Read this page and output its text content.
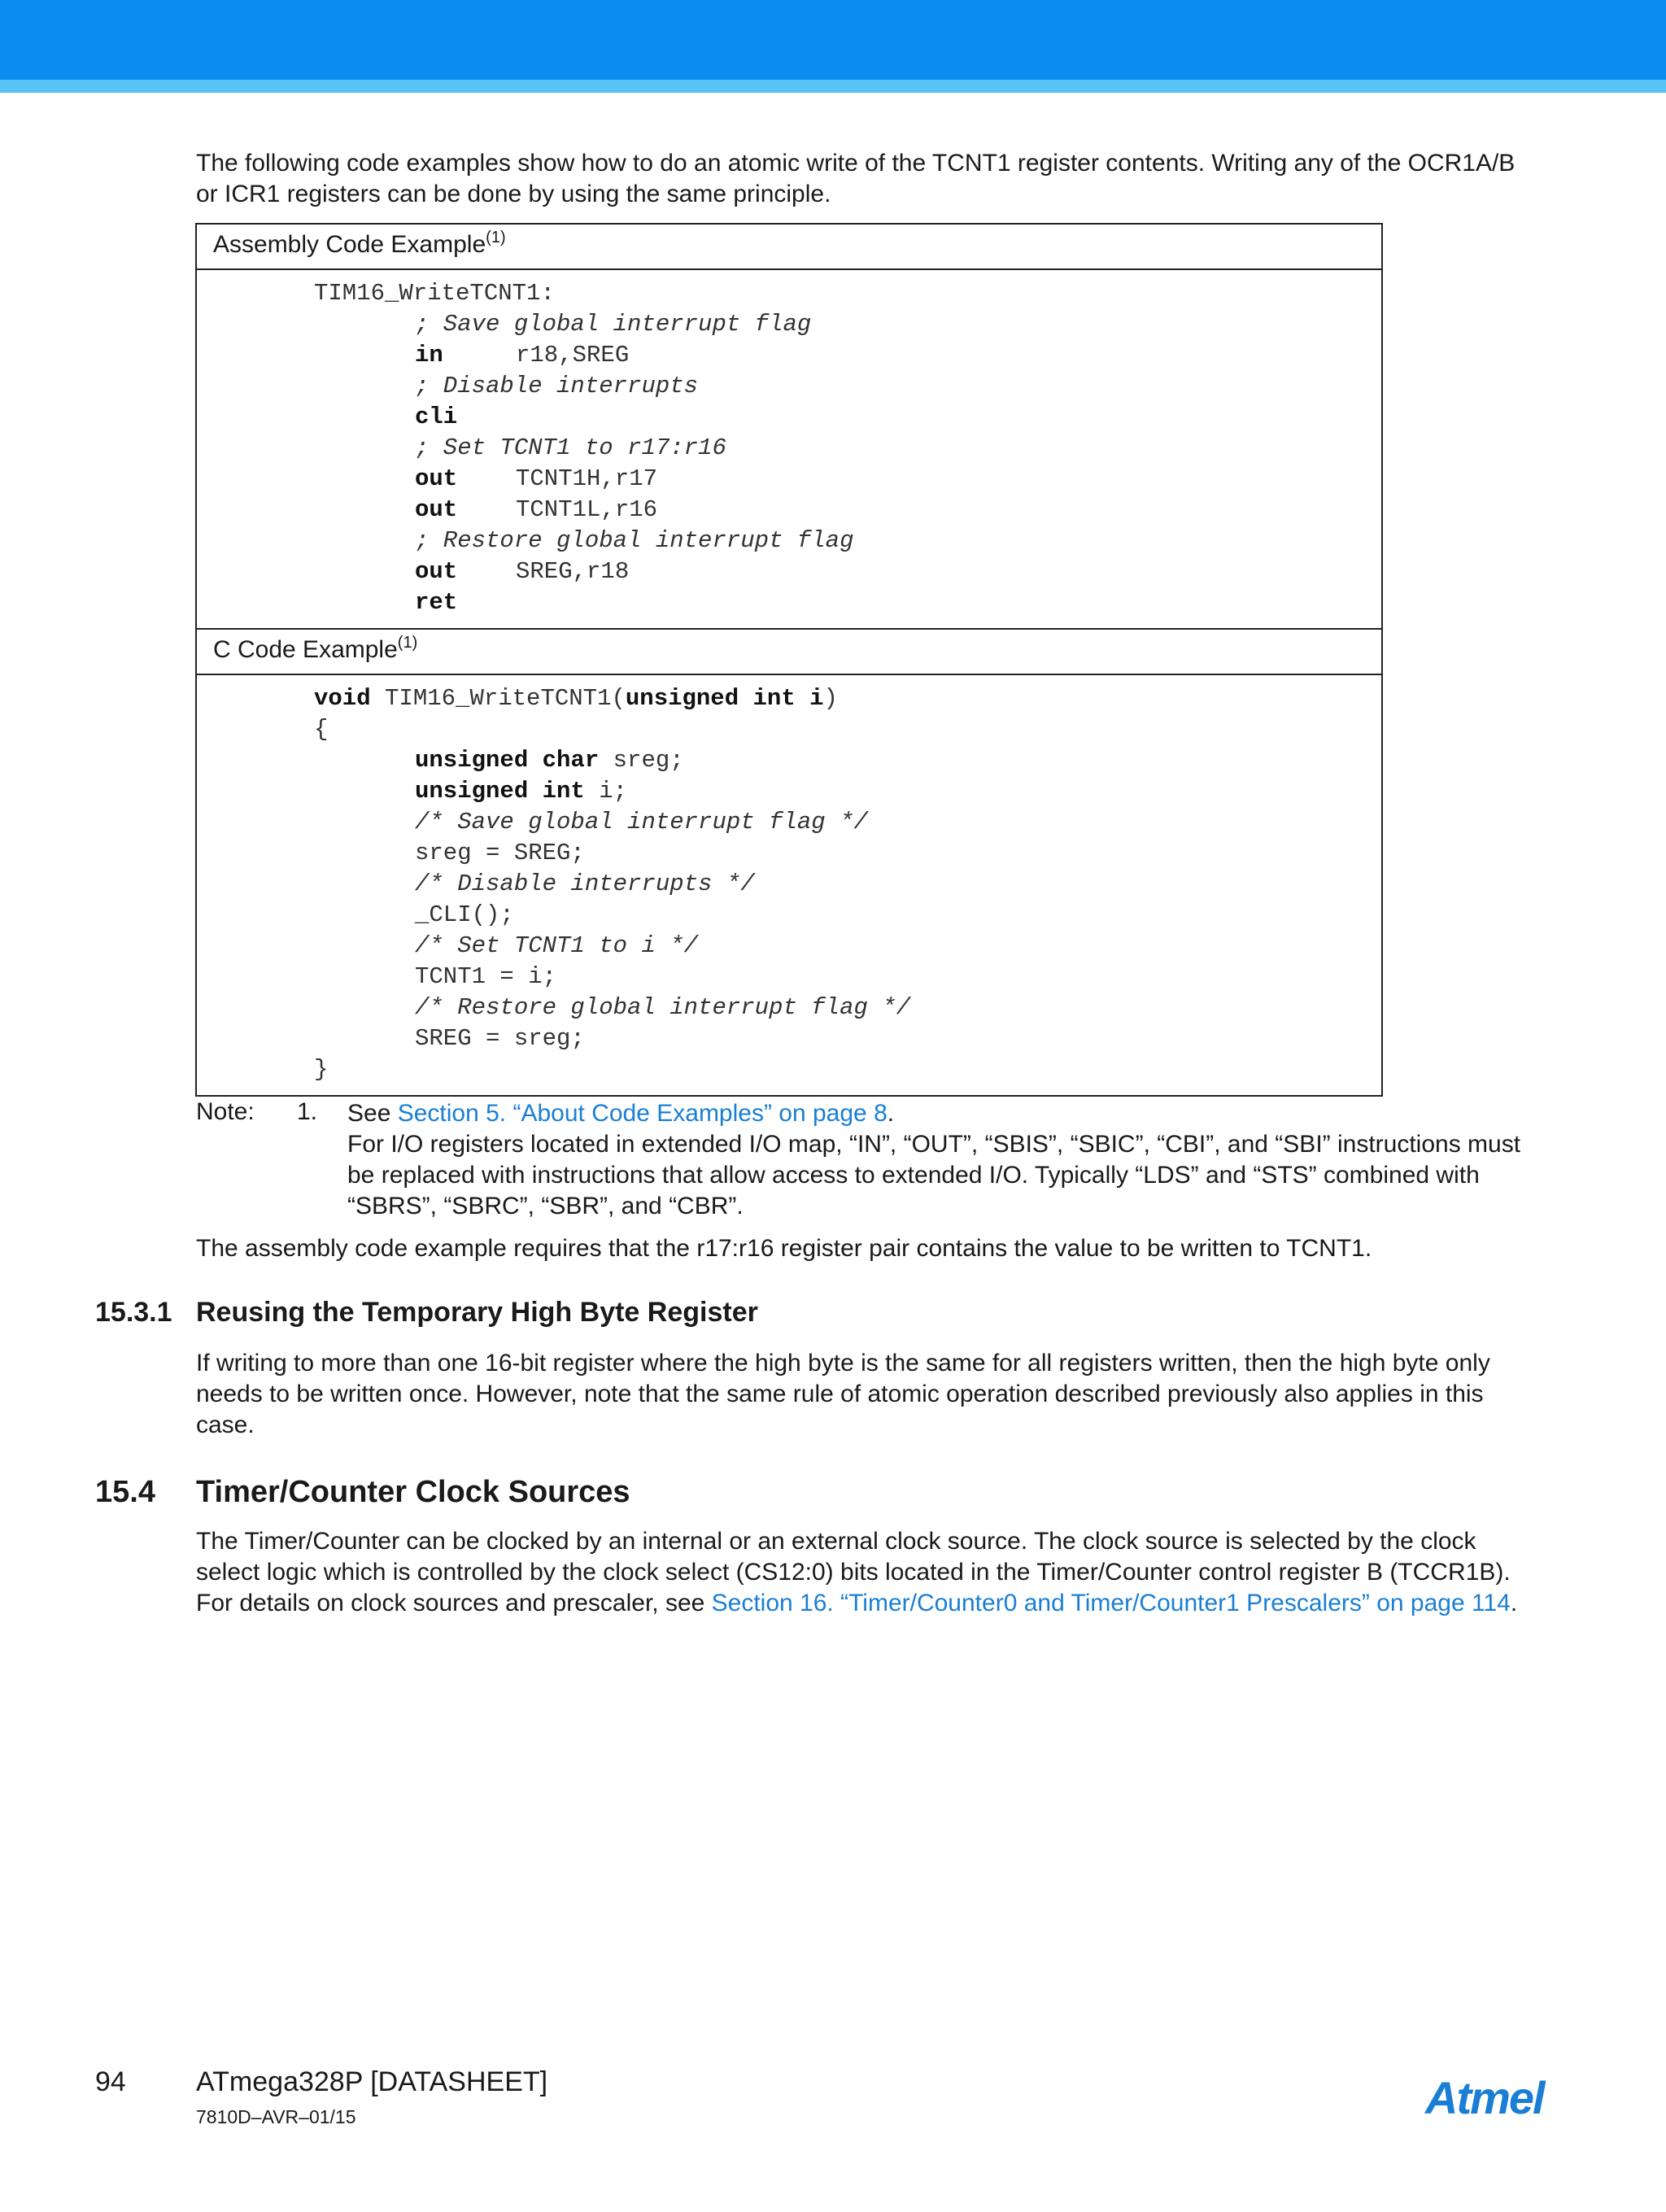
The following code examples show how to do an atomic write of the TCNT1 register contents. Writing any of the OCR1A/B
or ICR1 registers can be done by using the same principle.
Assembly Code Example$^{(1)}$

TIM16_WriteTCNT1:
; Save global interrupt flag
in	r18,SREG
; Disable interrupts
cli
; Set TCNT1 to r17:r16
out TCNT1H,r17
out TCNT1L,r16
; Restore global interrupt flag
out SREG,r18
ret

C Code Example$^{(1)}$

void TIM16_WriteTCNT1(unsigned int i)
{
unsigned char sreg;
unsigned int i;
/* Save global interrupt flag */
sreg = SREG;
/* Disable interrupts */
_CLI();
/* Set TCNT1 to i */
TCNT1 = i;
/* Restore global interrupt flag */
SREG = sreg;
}
Note: 1. See Section 5. “About Code Examples” on page 8.
For I/O registers located in extended I/O map, “IN”, “OUT”, “SBIS”, “SBIC”, “CBI”, and “SBI” instructions must
be replaced with instructions that allow access to extended I/O. Typically “LDS” and “STS” combined with
“SBRS”, “SBRC”, “SBR”, and “CBR”.
The assembly code example requires that the r17:r16 register pair contains the value to be written to TCNT1.
15.3.1 Reusing the Temporary High Byte Register
If writing to more than one 16-bit register where the high byte is the same for all registers written, then the high byte only
needs to be written once. However, note that the same rule of atomic operation described previously also applies in this
case.
15.4 Timer/Counter Clock Sources
The Timer/Counter can be clocked by an internal or an external clock source. The clock source is selected by the clock
select logic which is controlled by the clock select (CS12:0) bits located in the Timer/Counter control register B (TCCR1B).
For details on clock sources and prescaler, see Section 16. “Timer/Counter0 and Timer/Counter1 Prescalers” on page 114.
94	ATmega328P [DATASHEET]
7810D–AVR–01/15	Atmel
